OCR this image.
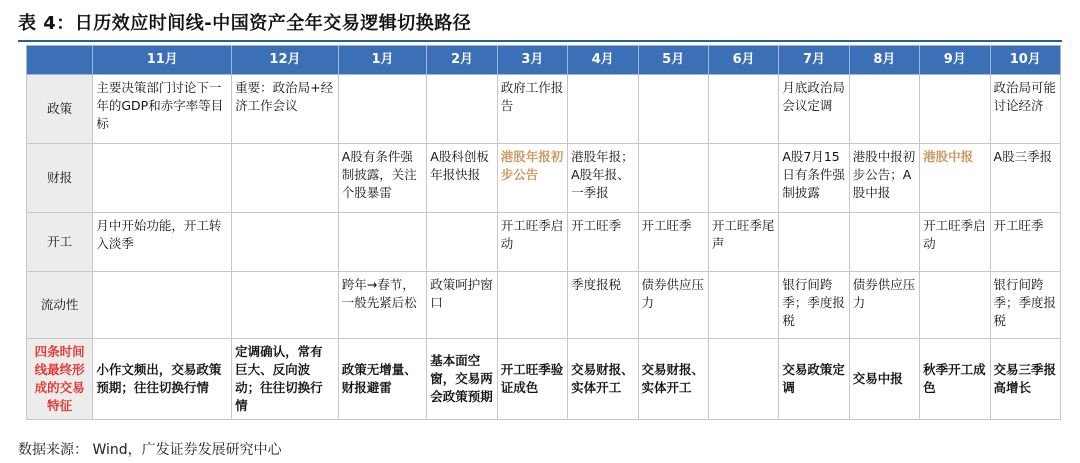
表 4：日历效应时间线-中国资产全年交易逻辑切换路径
	11月	12月	1月	2月	3月	4月	5月	6月	7月	8月	9月	10月
政策	主要决策部门讨论下一年的GDP和赤字率等目标	重要：政治局+经济工作会议			政府工作报告				月底政治局会议定调			政治局可能讨论经济
财报			A股有条件强制披露，关注个股暴雷	A股科创板年报快报	港股年报初步公告	港股年报；A股年报、一季报			A股7月15日有条件强制披露	港股中报初步公告；A股中报	港股中报	A股三季报
开工	月中开始功能，开工转入淡季				开工旺季启动	开工旺季	开工旺季	开工旺季尾声			开工旺季启动	开工旺季
流动性			跨年→春节，一般先紧后松	政策呵护窗口		季度报税	债券供应压力		银行间跨季；季度报税	债券供应压力		银行间跨季；季度报税
四条时间线最终形成的交易特征	小作文频出，交易政策预期；往往切换行情	定调确认，常有巨大、反向波动；往往切换行情	政策无增量、财报避雷	基本面空窗，交易两会政策预期	开工旺季验证成色	交易财报、实体开工	交易财报、实体开工		交易政策定调	交易中报	秋季开工成色	交易三季报高增长
数据来源： Wind，广发证券发展研究中心
